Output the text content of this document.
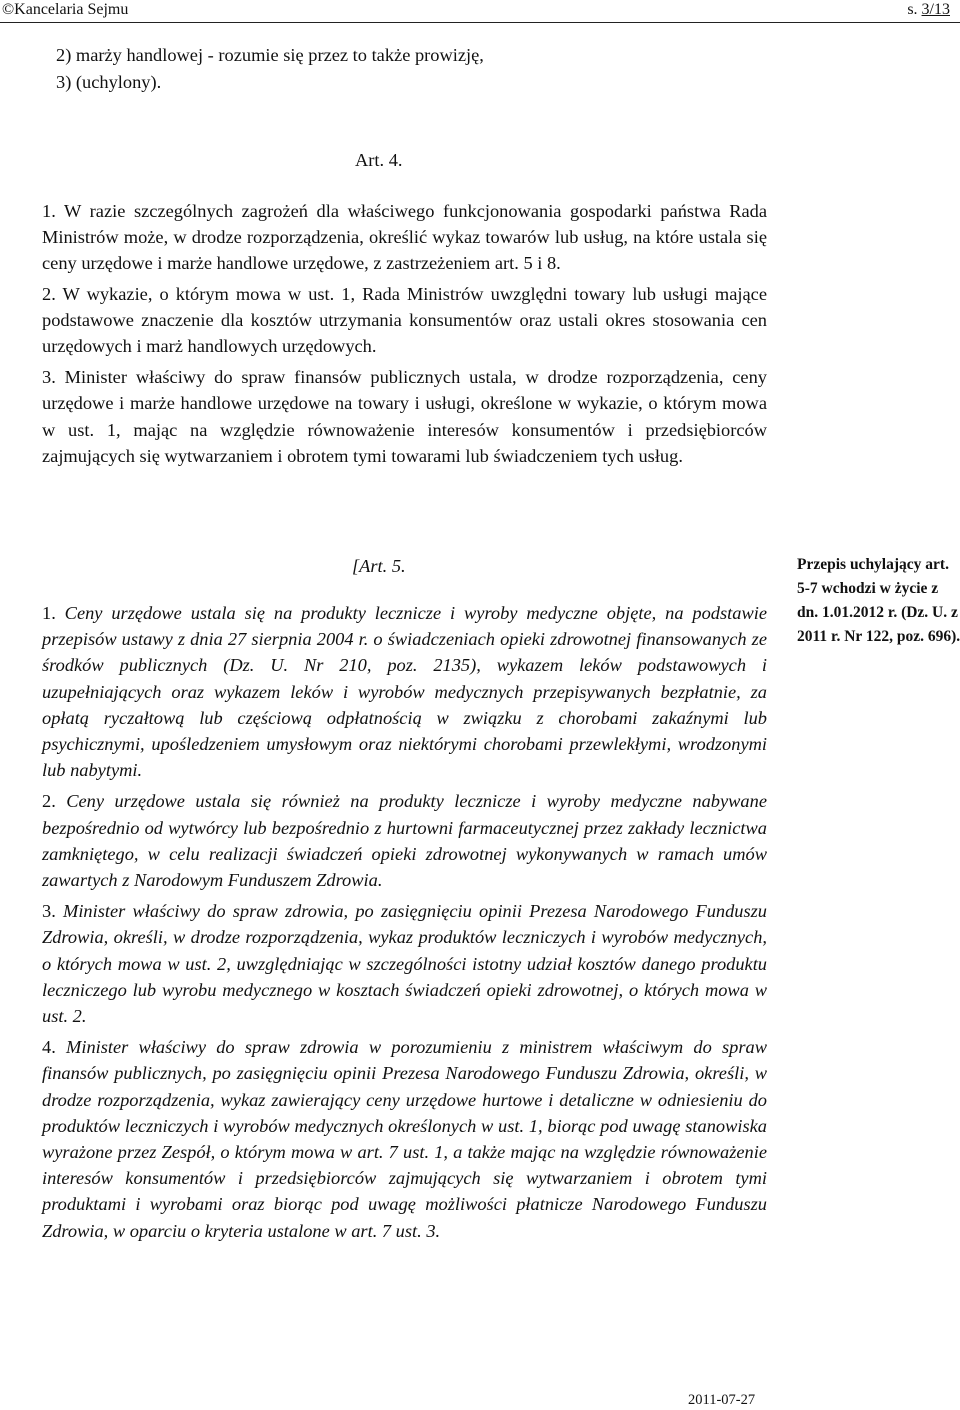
©Kancelaria Sejmu	s. 3/13

2) marży handlowej - rozumie się przez to także prowizję,

3) (uchylony).

Art. 4.

1. W razie szczególnych zagrożeń dla właściwego funkcjonowania gospodarki państwa Rada Ministrów może, w drodze rozporządzenia, określić wykaz towarów lub usług, na które ustala się ceny urzędowe i marże handlowe urzędowe, z zastrzeżeniem art. 5 i 8.

2. W wykazie, o którym mowa w ust. 1, Rada Ministrów uwzględni towary lub usługi mające podstawowe znaczenie dla kosztów utrzymania konsumentów oraz ustali okres stosowania cen urzędowych i marż handlowych urzędowych.

3. Minister właściwy do spraw finansów publicznych ustala, w drodze rozporządzenia, ceny urzędowe i marże handlowe urzędowe na towary i usługi, określone w wykazie, o którym mowa w ust. 1, mając na względzie równoważenie interesów konsumentów i przedsiębiorców zajmujących się wytwarzaniem i obrotem tymi towarami lub świadczeniem tych usług.

[Art. 5.

1. Ceny urzędowe ustala się na produkty lecznicze i wyroby medyczne objęte, na podstawie przepisów ustawy z dnia 27 sierpnia 2004 r. o świadczeniach opieki zdrowotnej finansowanych ze środków publicznych (Dz. U. Nr 210, poz. 2135), wykazem leków podstawowych i uzupełniających oraz wykazem leków i wyrobów medycznych przepisywanych bezpłatnie, za opłatą ryczałtową lub częściową odpłatnością w związku z chorobami zakaźnymi lub psychicznymi, upośledzeniem umysłowym oraz niektórymi chorobami przewlekłymi, wrodzonymi lub nabytymi.

2. Ceny urzędowe ustala się również na produkty lecznicze i wyroby medyczne nabywane bezpośrednio od wytwórcy lub bezpośrednio z hurtowni farmaceutycznej przez zakłady lecznictwa zamkniętego, w celu realizacji świadczeń opieki zdrowotnej wykonywanych w ramach umów zawartych z Narodowym Funduszem Zdrowia.

3. Minister właściwy do spraw zdrowia, po zasięgnięciu opinii Prezesa Narodowego Funduszu Zdrowia, określi, w drodze rozporządzenia, wykaz produktów leczniczych i wyrobów medycznych, o których mowa w ust. 2, uwzględniając w szczególności istotny udział kosztów danego produktu leczniczego lub wyrobu medycznego w kosztach świadczeń opieki zdrowotnej, o których mowa w ust. 2.

4. Minister właściwy do spraw zdrowia w porozumieniu z ministrem właściwym do spraw finansów publicznych, po zasięgnięciu opinii Prezesa Narodowego Funduszu Zdrowia, określi, w drodze rozporządzenia, wykaz zawierający ceny urzędowe hurtowe i detaliczne w odniesieniu do produktów leczniczych i wyrobów medycznych określonych w ust. 1, biorąc pod uwagę stanowiska wyrażone przez Zespół, o którym mowa w art. 7 ust. 1, a także mając na względzie równoważenie interesów konsumentów i przedsiębiorców zajmujących się wytwarzaniem i obrotem tymi produktami i wyrobami oraz biorąc pod uwagę możliwości płatnicze Narodowego Funduszu Zdrowia, w oparciu o kryteria ustalone w art. 7 ust. 3.

Przepis uchylający art. 5-7 wchodzi w życie z dn. 1.01.2012 r. (Dz. U. z 2011 r. Nr 122, poz. 696).
2011-07-27
